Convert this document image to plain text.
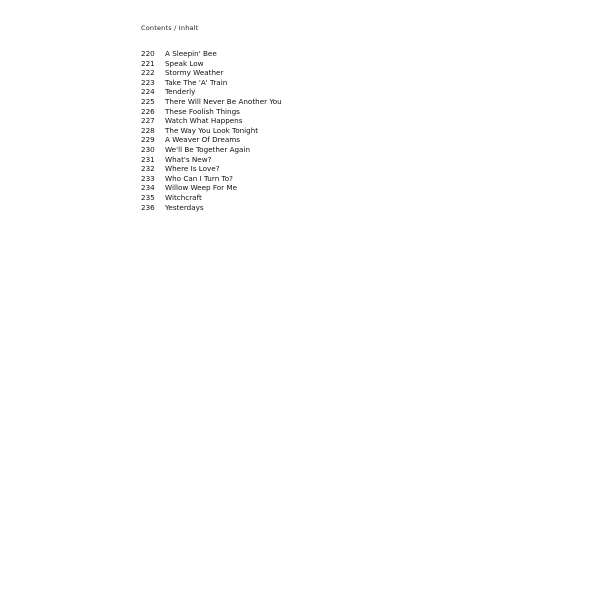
Contents / Inhalt
220	A Sleepin' Bee
221	Speak Low
222	Stormy Weather
223	Take The 'A' Train
224	Tenderly
225	There Will Never Be Another You
226	These Foolish Things
227	Watch What Happens
228	The Way You Look Tonight
229	A Weaver Of Dreams
230	We'll Be Together Again
231	What's New?
232	Where Is Love?
233	Who Can I Turn To?
234	Willow Weep For Me
235	Witchcraft
236	Yesterdays
